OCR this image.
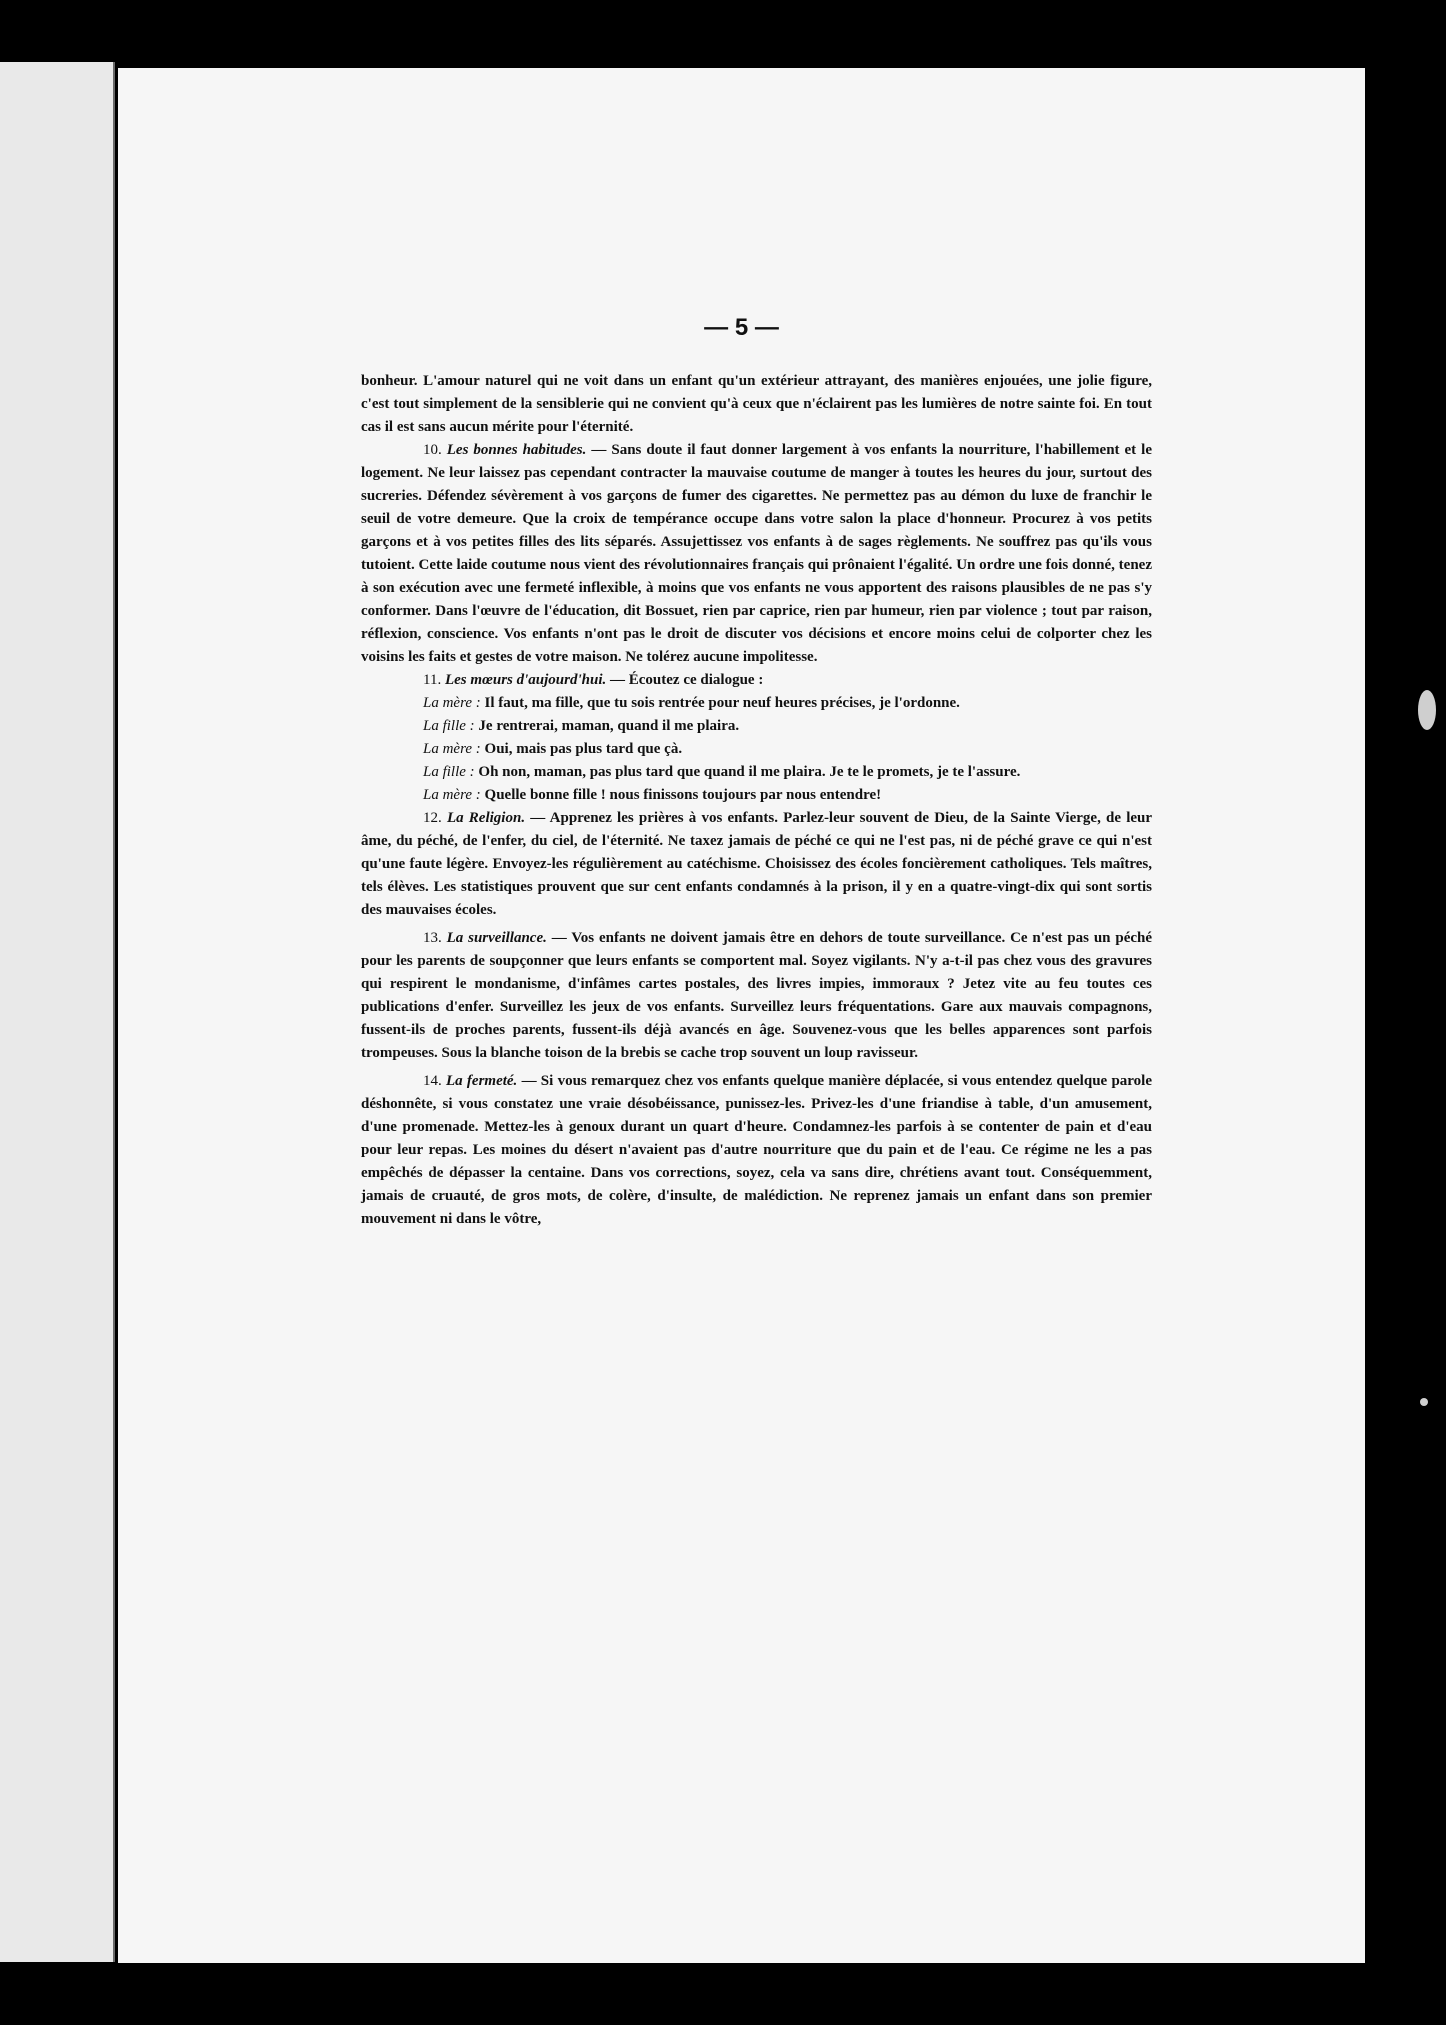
— 5 —

bonheur. L'amour naturel qui ne voit dans un enfant qu'un extérieur attrayant, des manières enjouées, une jolie figure, c'est tout simplement de la sensiblerie qui ne convient qu'à ceux que n'éclairent pas les lumières de notre sainte foi. En tout cas il est sans aucun mérite pour l'éternité.

10. Les bonnes habitudes. — Sans doute il faut donner largement à vos enfants la nourriture, l'habillement et le logement. Ne leur laissez pas cependant contracter la mauvaise coutume de manger à toutes les heures du jour, surtout des sucreries. Défendez sévèrement à vos garçons de fumer des cigarettes. Ne permettez pas au démon du luxe de franchir le seuil de votre demeure. Que la croix de tempérance occupe dans votre salon la place d'honneur. Procurez à vos petits garçons et à vos petites filles des lits séparés. Assujettissez vos enfants à de sages règlements. Ne souffrez pas qu'ils vous tutoient. Cette laide coutume nous vient des révolutionnaires français qui prônaient l'égalité. Un ordre une fois donné, tenez à son exécution avec une fermeté inflexible, à moins que vos enfants ne vous apportent des raisons plausibles de ne pas s'y conformer. Dans l'œuvre de l'éducation, dit Bossuet, rien par caprice, rien par humeur, rien par violence ; tout par raison, réflexion, conscience. Vos enfants n'ont pas le droit de discuter vos décisions et encore moins celui de colporter chez les voisins les faits et gestes de votre maison. Ne tolérez aucune impolitesse.

11. Les mœurs d'aujourd'hui. — Écoutez ce dialogue :

La mère : Il faut, ma fille, que tu sois rentrée pour neuf heures précises, je l'ordonne.

La fille : Je rentrerai, maman, quand il me plaira.

La mère : Oui, mais pas plus tard que çà.

La fille : Oh non, maman, pas plus tard que quand il me plaira. Je te le promets, je te l'assure.

La mère : Quelle bonne fille ! nous finissons toujours par nous entendre!

12. La Religion. — Apprenez les prières à vos enfants. Parlez-leur souvent de Dieu, de la Sainte Vierge, de leur âme, du péché, de l'enfer, du ciel, de l'éternité. Ne taxez jamais de péché ce qui ne l'est pas, ni de péché grave ce qui n'est qu'une faute légère. Envoyez-les régulièrement au catéchisme. Choisissez des écoles foncièrement catholiques. Tels maîtres, tels élèves. Les statistiques prouvent que sur cent enfants condamnés à la prison, il y en a quatre-vingt-dix qui sont sortis des mauvaises écoles.

13. La surveillance. — Vos enfants ne doivent jamais être en dehors de toute surveillance. Ce n'est pas un péché pour les parents de soupçonner que leurs enfants se comportent mal. Soyez vigilants. N'y a-t-il pas chez vous des gravures qui respirent le mondanisme, d'infâmes cartes postales, des livres impies, immoraux ? Jetez vite au feu toutes ces publications d'enfer. Surveillez les jeux de vos enfants. Surveillez leurs fréquentations. Gare aux mauvais compagnons, fussent-ils de proches parents, fussent-ils déjà avancés en âge. Souvenez-vous que les belles apparences sont parfois trompeuses. Sous la blanche toison de la brebis se cache trop souvent un loup ravisseur.

14. La fermeté. — Si vous remarquez chez vos enfants quelque manière déplacée, si vous entendez quelque parole déshonnête, si vous constatez une vraie désobéissance, punissez-les. Privez-les d'une friandise à table, d'un amusement, d'une promenade. Mettez-les à genoux durant un quart d'heure. Condamnez-les parfois à se contenter de pain et d'eau pour leur repas. Les moines du désert n'avaient pas d'autre nourriture que du pain et de l'eau. Ce régime ne les a pas empêchés de dépasser la centaine. Dans vos corrections, soyez, cela va sans dire, chrétiens avant tout. Conséquemment, jamais de cruauté, de gros mots, de colère, d'insulte, de malédiction. Ne reprenez jamais un enfant dans son premier mouvement ni dans le vôtre,
